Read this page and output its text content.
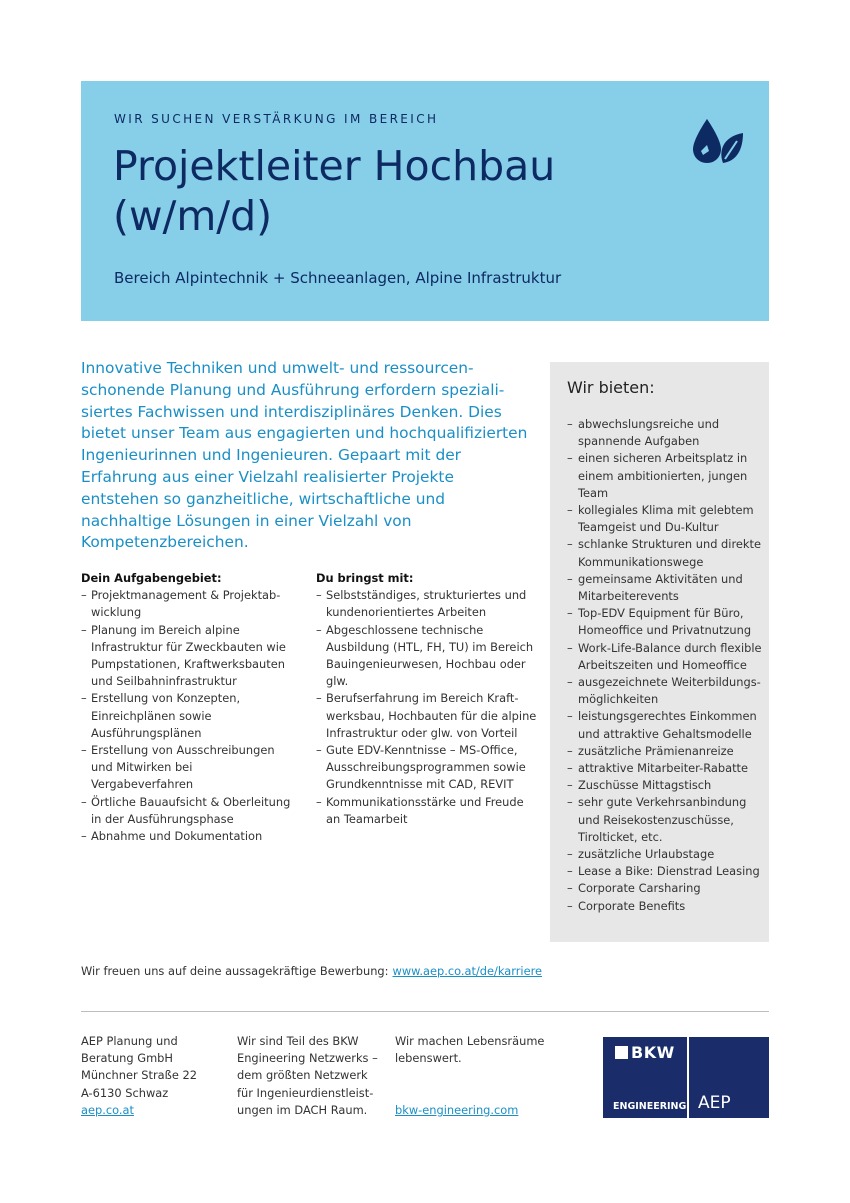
WIR SUCHEN VERSTÄRKUNG IM BEREICH
Projektleiter Hochbau (w/m/d)
Bereich Alpintechnik + Schneeanlagen, Alpine Infrastruktur

Innovative Techniken und umwelt- und ressourcenschonende Planung und Ausführung erfordern spezialisiertes Fachwissen und interdisziplinäres Denken. Dies bietet unser Team aus engagierten und hochqualifizierten Ingenieurinnen und Ingenieuren. Gepaart mit der Erfahrung aus einer Vielzahl realisierter Projekte entstehen so ganzheitliche, wirtschaftliche und nachhaltige Lösungen in einer Vielzahl von Kompetenzbereichen.

Dein Aufgabengebiet:
– Projektmanagement & Projektabwicklung
– Planung im Bereich alpine Infrastruktur für Zweckbauten wie Pumpstationen, Kraftwerksbauten und Seilbahninfrastruktur
– Erstellung von Konzepten, Einreichplänen sowie Ausführungsplänen
– Erstellung von Ausschreibungen und Mitwirken bei Vergabeverfahren
– Örtliche Bauaufsicht & Oberleitung in der Ausführungsphase
– Abnahme und Dokumentation
Du bringst mit:
– Selbstständiges, strukturiertes und kundenorientiertes Arbeiten
– Abgeschlossene technische Ausbildung (HTL, FH, TU) im Bereich Bauingenieurwesen, Hochbau oder glw.
– Berufserfahrung im Bereich Kraftwerksbau, Hochbauten für die alpine Infrastruktur oder glw. von Vorteil
– Gute EDV-Kenntnisse – MS-Office, Ausschreibungsprogrammen sowie Grundkenntnisse mit CAD, REVIT
– Kommunikationsstärke und Freude an Teamarbeit
Wir bieten:
– abwechslungsreiche und spannende Aufgaben
– einen sicheren Arbeitsplatz in einem ambitionierten, jungen Team
– kollegiales Klima mit gelebtem Teamgeist und Du-Kultur
– schlanke Strukturen und direkte Kommunikationswege
– gemeinsame Aktivitäten und Mitarbeiterevents
– Top-EDV Equipment für Büro, Homeoffice und Privatnutzung
– Work-Life-Balance durch flexible Arbeitszeiten und Homeoffice
– ausgezeichnete Weiterbildungsmöglichkeiten
– leistungsgerechtes Einkommen und attraktive Gehaltsmodelle
– zusätzliche Prämienanreize
– attraktive Mitarbeiter-Rabatte
– Zuschüsse Mittagstisch
– sehr gute Verkehrsanbindung und Reisekostenzuschüsse, Tirolticket, etc.
– zusätzliche Urlaubstage
– Lease a Bike: Dienstrad Leasing
– Corporate Carsharing
– Corporate Benefits
Wir freuen uns auf deine aussagekräftige Bewerbung: www.aep.co.at/de/karriere
AEP Planung und
Beratung GmbH
Münchner Straße 22
A-6130 Schwaz
aep.co.at
Wir sind Teil des BKW Engineering Netzwerks – dem größten Netzwerk für Ingenieurdienstleistungen im DACH Raum.
Wir machen Lebensräume lebenswert.
bkw-engineering.com
BKW
ENGINEERING AEP
